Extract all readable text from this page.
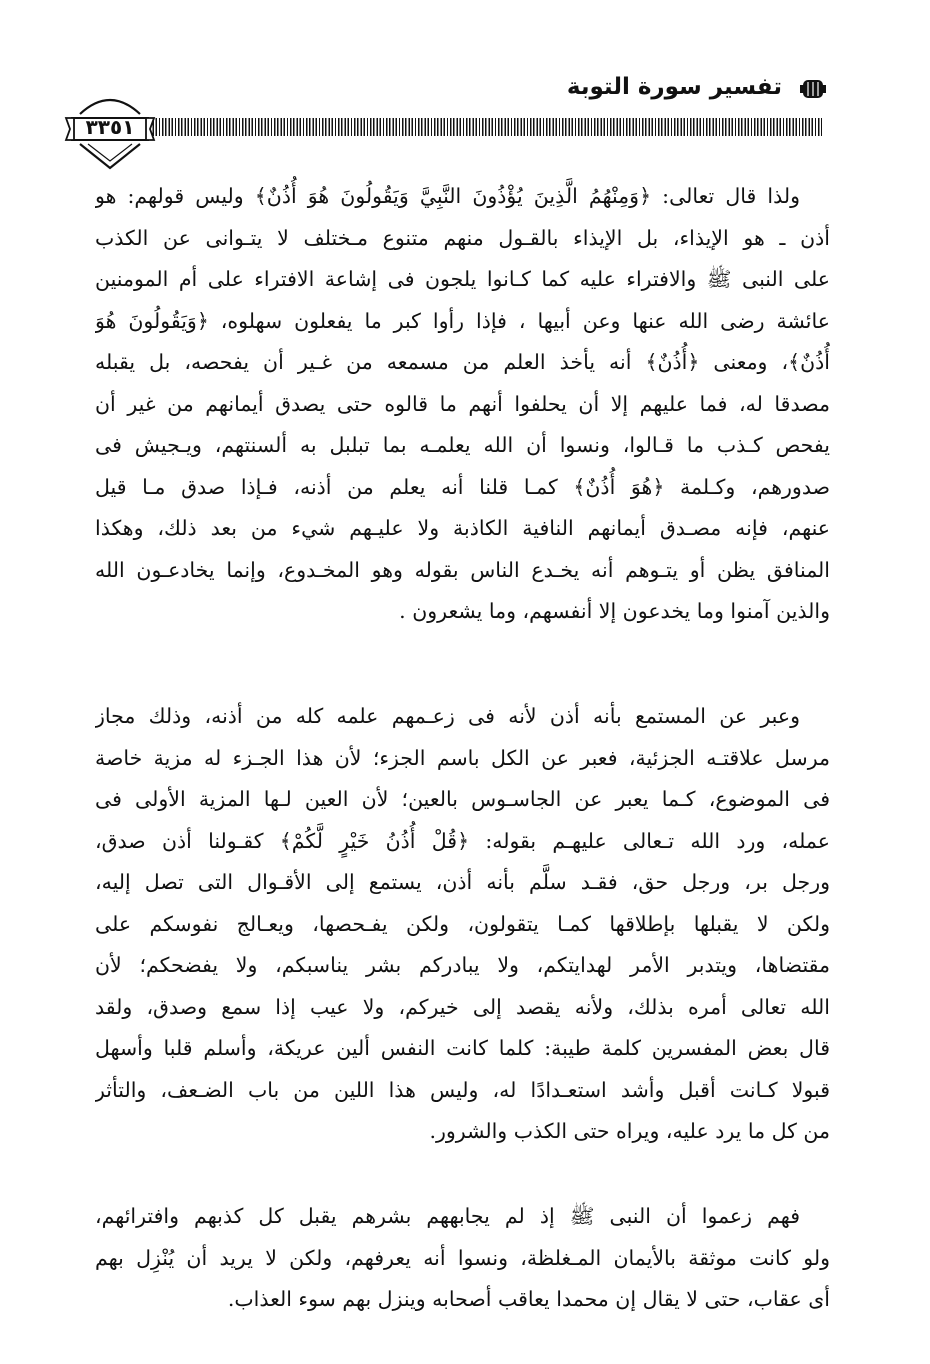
تفسير سورة التوبة
٣٣٥١
ولذا قال تعالى: ﴿وَمِنْهُمُ الَّذِينَ يُؤْذُونَ النَّبِيَّ وَيَقُولُونَ هُوَ أُذُنٌ﴾ وليس قولهم: هو
أذن ـ هو الإيذاء، بل الإيذاء بالقـول منهم متنوع مـختلف لا يتـوانى عن الكذب
على النبى ﷺ والافتراء عليه كما كـانوا يلجون فى إشاعة الافتراء على أم المومنين
عائشة رضى الله عنها وعن أبيها ، فإذا رأوا كبر ما يفعلون سهلوه، ﴿وَيَقُولُونَ هُوَ
أُذُنٌ﴾، ومعنى ﴿أُذُنٌ﴾ أنه يأخذ العلم من مسمعه من غـير أن يفحصه، بل يقبله
مصدقا له، فما عليهم إلا أن يحلفوا أنهم ما قالوه حتى يصدق أيمانهم من غير أن
يفحص كـذب ما قـالوا، ونسوا أن الله يعلمـه بما تبلبل به ألسنتهم، ويـجيش فى
صدورهم، وكـلمة ﴿هُوَ أُذُنٌ﴾ كمـا قلنا أنه يعلم من أذنه، فـإذا صدق مـا قيل
عنهم، فإنه مصـدق أيمانهم النافية الكاذبة ولا عليـهم شيء من بعد ذلك، وهكذا
المنافق يظن أو يتـوهم أنه يخـدع الناس بقوله وهو المخـدوع، وإنما يخادعـون الله
والذين آمنوا وما يخدعون إلا أنفسهم، وما يشعرون .
وعبر عن المستمع بأنه أذن لأنه فى زعـمهم علمه كله من أذنه، وذلك مجاز
مرسل علاقتـه الجزئية، فعبر عن الكل باسم الجزء؛ لأن هذا الجـزء له مزية خاصة
فى الموضوع، كـما يعبر عن الجاسـوس بالعين؛ لأن العين لـها المزية الأولى فى
عمله، ورد الله تـعالى عليهـم بقوله: ﴿قُلْ أُذُنُ خَيْرٍ لَّكُمْ﴾ كقـولنا أذن صدق،
ورجل بر، ورجل حق، فقـد سلَّم بأنه أذن، يستمع إلى الأقـوال التى تصل إليه،
ولكن لا يقبلها بإطلاقها كمـا يتقولون، ولكن يفـحصها، ويعـالج نفوسكم على
مقتضاها، ويتدبر الأمر لهدايتكم، ولا يبادركم بشر يناسبكم، ولا يفضحكم؛ لأن
الله تعالى أمره بذلك، ولأنه يقصد إلى خيركم، ولا عيب إذا سمع وصدق، ولقد
قال بعض المفسرين كلمة طيبة: كلما كانت النفس ألين عريكة، وأسلم قلبا وأسهل
قبولا كـانت أقبل وأشد استعـدادًا له، وليس هذا اللين من باب الضـعف، والتأثر
من كل ما يرد عليه، ويراه حتى الكذب والشرور.
فهم زعموا أن النبى ﷺ إذ لم يجابههم بشرهم يقبل كل كذبهم وافترائهم،
ولو كانت موثقة بالأيمان المـغلظة، ونسوا أنه يعرفهم، ولكن لا يريد أن يُنْزِل بهم
أى عقاب، حتى لا يقال إن محمدا يعاقب أصحابه وينزل بهم سوء العذاب.
